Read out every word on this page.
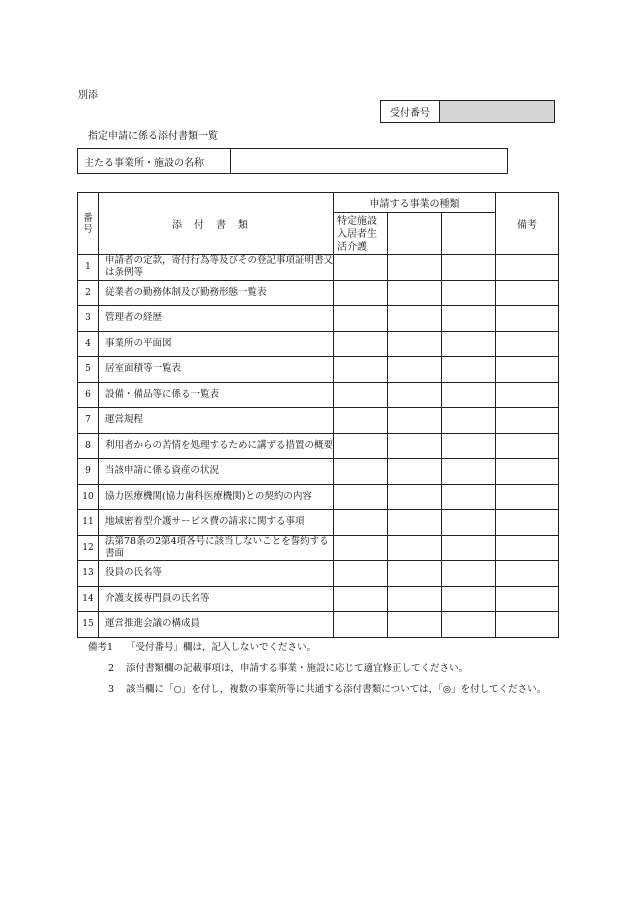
別添
受付番号	
指定申請に係る添付書類一覧
主たる事業所・施設の名称	
番号	添付書類	申請する事業の種類			備考

		特定施設入居者生活介護			

1	申請者の定款，寄付行為等及びその登記事項証明書又は条例等				
2	従業者の勤務体制及び勤務形態一覧表				
3	管理者の経歴				
4	事業所の平面図				
5	居室面積等一覧表				
6	設備・備品等に係る一覧表				
7	運営規程				
8	利用者からの苦情を処理するために講ずる措置の概要				
9	当該申請に係る資産の状況				
10	協力医療機関(協力歯科医療機関)との契約の内容				
11	地域密着型介護サービス費の請求に関する事項				
12	法第78条の2第4項各号に該当しないことを誓約する書面				
13	役員の氏名等				
14	介護支援専門員の氏名等				
15	運営推進会議の構成員				
備考1 「受付番号」欄は，記入しないでください。
2 添付書類欄の記載事項は，申請する事業・施設に応じて適宜修正してください。
3 該当欄に「○」を付し，複数の事業所等に共通する添付書類については，「◎」を付してください。
